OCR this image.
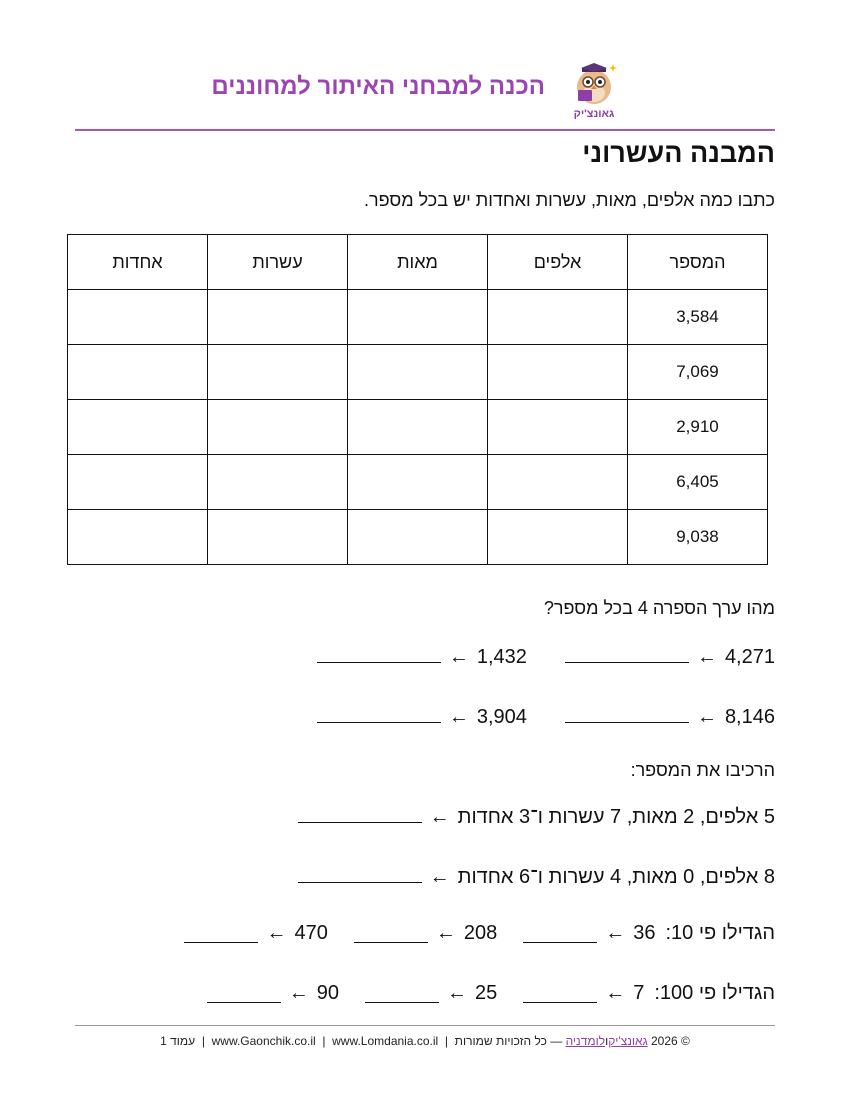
גאונצ'יק
הכנה למבחני האיתור למחוננים
המבנה העשרוני
כתבו כמה אלפים, מאות, עשרות ואחדות יש בכל מספר.
המספר	אלפים	מאות	עשרות	אחדות
3,584				
7,069				
2,910				
6,405				
9,038				
מהו ערך הספרה 4 בכל מספר?
4,271
←
1,432
←
8,146
←
3,904
←
הרכיבו את המספר:
5 אלפים, 2 מאות, 7 עשרות ו־3 אחדות
←
8 אלפים, 0 מאות, 4 עשרות ו־6 אחדות
←
הגדילו פי 10:
36
←
208
←
470
←
הגדילו פי 100:
7
←
25
←
90
←
© 2026 גאונצ'יקולומדניה — כל הזכויות שמורות  |  www.Lomdania.co.il  |  www.Gaonchik.co.il  |  עמוד 1
